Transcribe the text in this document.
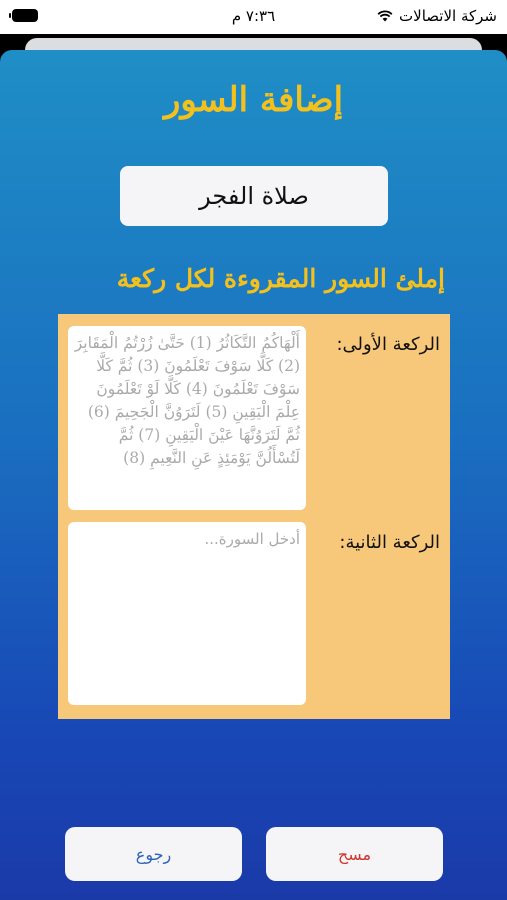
شركة الاتصالات
٧:٣٦ م
إضافة السور
صلاة الفجر
إملئ السور المقروءة لكل ركعة
الركعة الأولى:
أَلْهَاكُمُ التَّكَاثُرُ (1) حَتَّىٰ زُرْتُمُ الْمَقَابِرَ (2) كَلَّا سَوْفَ تَعْلَمُونَ (3) ثُمَّ كَلَّا سَوْفَ تَعْلَمُونَ (4) كَلَّا لَوْ تَعْلَمُونَ عِلْمَ الْيَقِينِ (5) لَتَرَوُنَّ الْجَحِيمَ (6) ثُمَّ لَتَرَوُنَّهَا عَيْنَ الْيَقِينِ (7) ثُمَّ لَتُسْأَلُنَّ يَوْمَئِذٍ عَنِ النَّعِيمِ (8)
الركعة الثانية:
أدخل السورة...
مسح
رجوع
